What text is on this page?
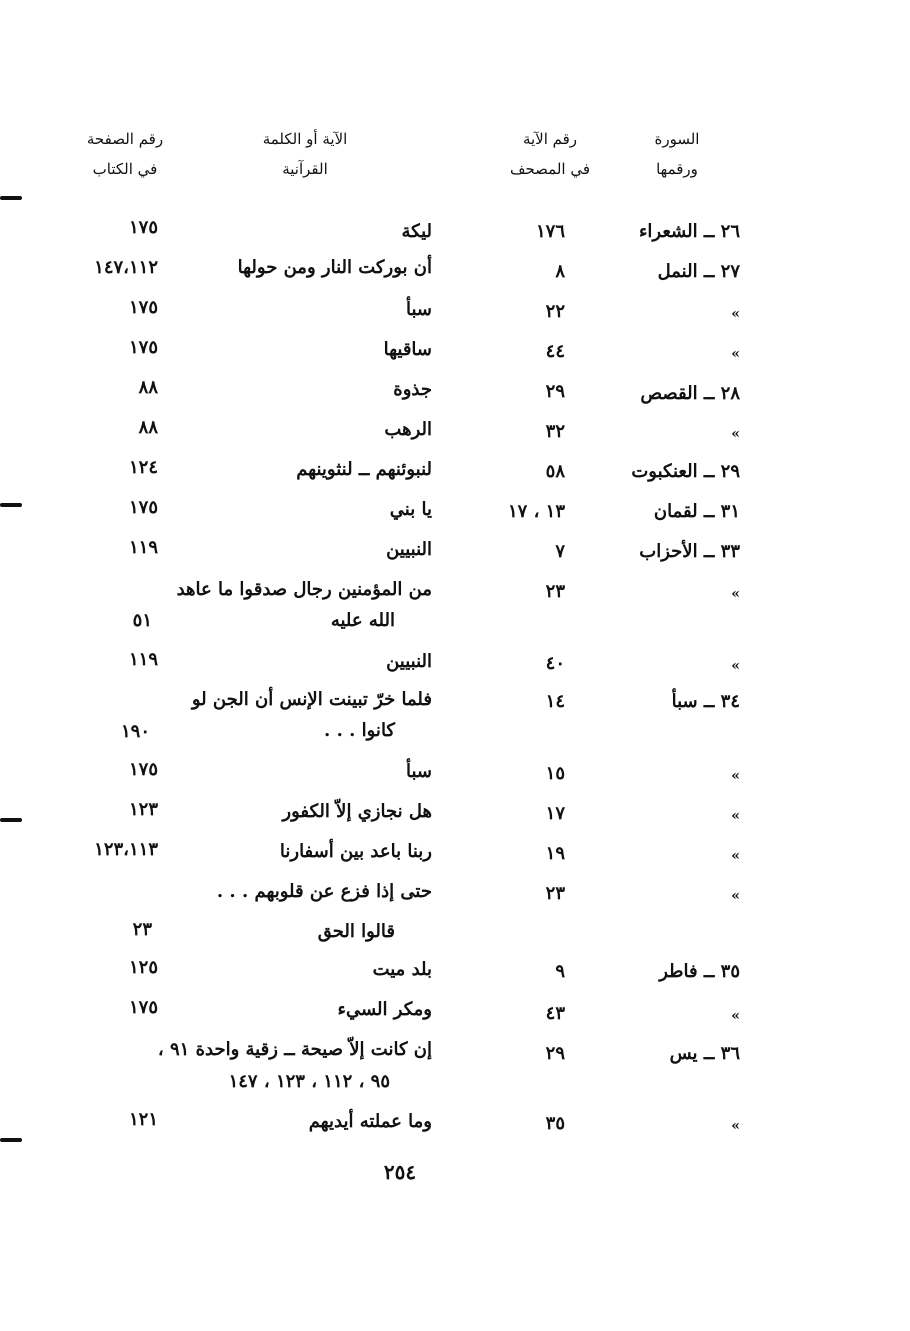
السورة
ورقمها
رقم الآية
في المصحف
الآية أو الكلمة
القرآنية
رقم الصفحة
في الكتاب
٢٦ ــ الشعراء
١٧٦
ليكة
١٧٥
٢٧ ــ النمل
٨
أن بوركت النار ومن حولها
١٤٧،١١٢
»
٢٢
سبأ
١٧٥
»
٤٤
ساقيها
١٧٥
٢٨ ــ القصص
٢٩
جذوة
٨٨
»
٣٢
الرهب
٨٨
٢٩ ــ العنكبوت
٥٨
لنبوئنهم ــ لنثوينهم
١٢٤
٣١ ــ لقمان
١٣ ، ١٧
يا بني
١٧٥
٣٣ ــ الأحزاب
٧
النبيين
١١٩
»
٢٣
من المؤمنين رجال صدقوا ما عاهد
الله عليه
٥١
»
٤٠
النبيين
١١٩
٣٤ ــ سبأ
١٤
فلما خرّ تبينت الإنس أن الجن لو
كانوا . . .
١٩٠
»
١٥
سبأ
١٧٥
»
١٧
هل نجازي إلاّ الكفور
١٢٣
»
١٩
ربنا باعد بين أسفارنا
١٢٣،١١٣
»
٢٣
حتى إذا فزع عن قلوبهم . . .
قالوا الحق
٢٣
٣٥ ــ فاطر
٩
بلد ميت
١٢٥
»
٤٣
ومكر السيء
١٧٥
٣٦ ــ يس
٢٩
إن كانت إلاّ صيحة ــ زقية واحدة ٩١ ،
٩٥ ، ١١٢ ، ١٢٣ ، ١٤٧
»
٣٥
وما عملته أيديهم
١٢١
٢٥٤
